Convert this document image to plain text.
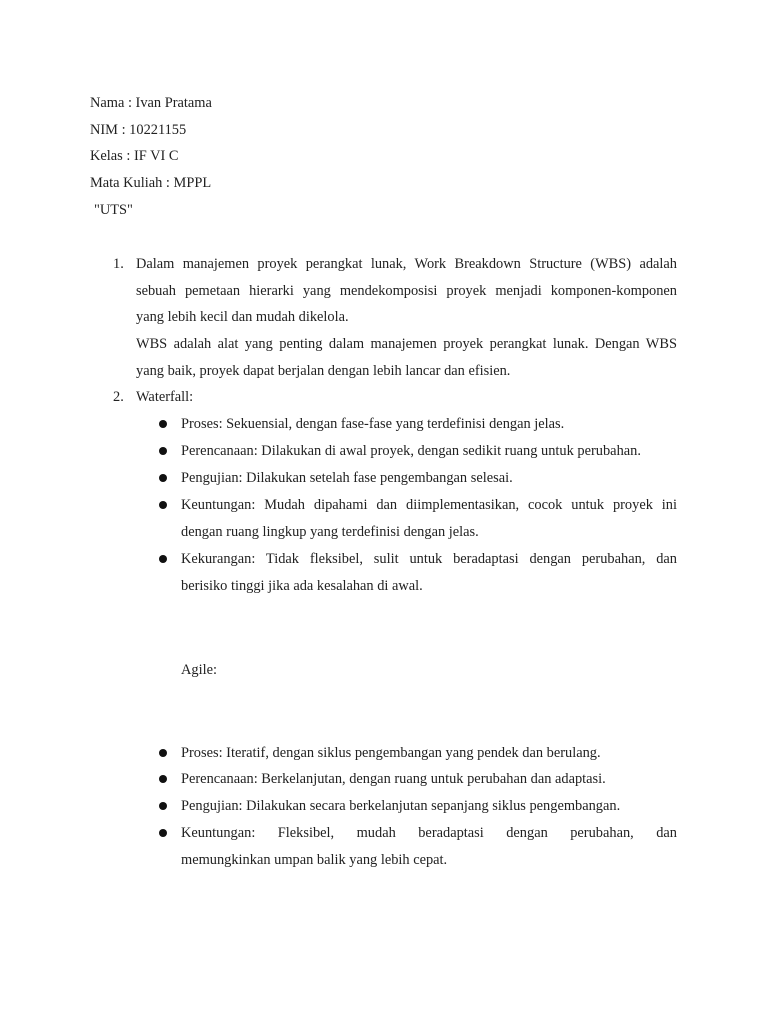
Nama : Ivan Pratama
NIM : 10221155
Kelas : IF VI C
Mata Kuliah : MPPL
"UTS"
1. Dalam manajemen proyek perangkat lunak, Work Breakdown Structure (WBS) adalah
sebuah pemetaan hierarki yang mendekomposisi proyek menjadi komponen-komponen
yang lebih kecil dan mudah dikelola.
WBS adalah alat yang penting dalam manajemen proyek perangkat lunak. Dengan WBS
yang baik, proyek dapat berjalan dengan lebih lancar dan efisien.
2. Waterfall:
Proses: Sekuensial, dengan fase-fase yang terdefinisi dengan jelas.
Perencanaan: Dilakukan di awal proyek, dengan sedikit ruang untuk perubahan.
Pengujian: Dilakukan setelah fase pengembangan selesai.
Keuntungan: Mudah dipahami dan diimplementasikan, cocok untuk proyek ini
dengan ruang lingkup yang terdefinisi dengan jelas.
Kekurangan: Tidak fleksibel, sulit untuk beradaptasi dengan perubahan, dan
berisiko tinggi jika ada kesalahan di awal.
Agile:
Proses: Iteratif, dengan siklus pengembangan yang pendek dan berulang.
Perencanaan: Berkelanjutan, dengan ruang untuk perubahan dan adaptasi.
Pengujian: Dilakukan secara berkelanjutan sepanjang siklus pengembangan.
Keuntungan: Fleksibel, mudah beradaptasi dengan perubahan, dan
memungkinkan umpan balik yang lebih cepat.
